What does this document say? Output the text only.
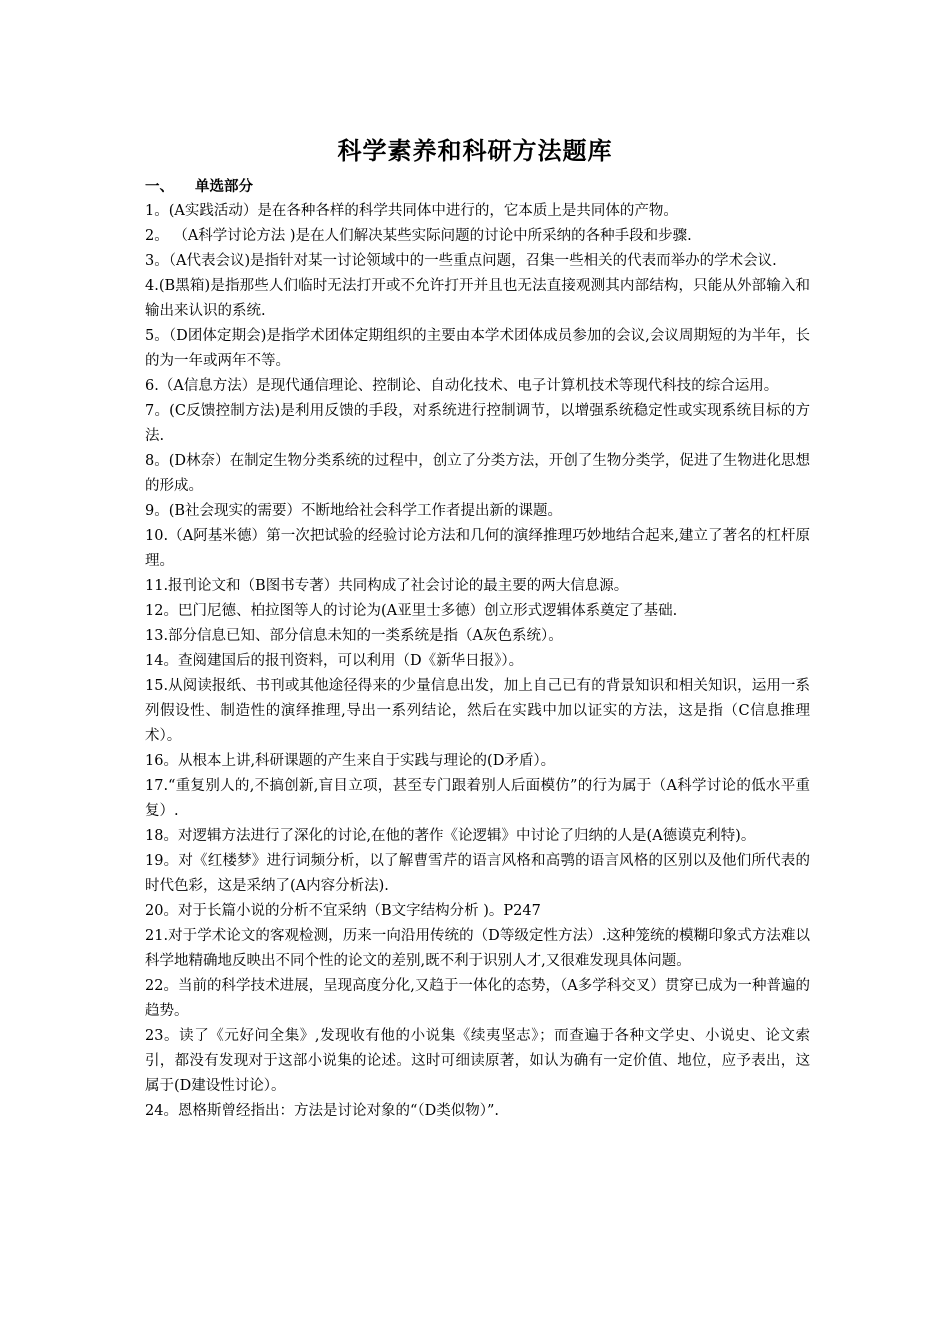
科学素养和科研方法题库
一、 单选部分

1。(A实践活动）是在各种各样的科学共同体中进行的，它本质上是共同体的产物。

2。 （A科学讨论方法 )是在人们解决某些实际问题的讨论中所采纳的各种手段和步骤.

3。（A代表会议)是指针对某一讨论领域中的一些重点问题，召集一些相关的代表而举办的学术会议.

4.(B黑箱)是指那些人们临时无法打开或不允许打开并且也无法直接观测其内部结构，只能从外部输入和输出来认识的系统.

5。（D团体定期会)是指学术团体定期组织的主要由本学术团体成员参加的会议,会议周期短的为半年，长的为一年或两年不等。

6.（A信息方法）是现代通信理论、控制论、自动化技术、电子计算机技术等现代科技的综合运用。

7。(C反馈控制方法)是利用反馈的手段，对系统进行控制调节，以增强系统稳定性或实现系统目标的方法.

8。(D林奈）在制定生物分类系统的过程中，创立了分类方法，开创了生物分类学，促进了生物进化思想的形成。

9。(B社会现实的需要）不断地给社会科学工作者提出新的课题。

10.（A阿基米德）第一次把试验的经验讨论方法和几何的演绎推理巧妙地结合起来,建立了著名的杠杆原理。

11.报刊论文和（B图书专著）共同构成了社会讨论的最主要的两大信息源。

12。巴门尼德、柏拉图等人的讨论为(A亚里士多德）创立形式逻辑体系奠定了基础.

13.部分信息已知、部分信息未知的一类系统是指（A灰色系统）。

14。查阅建国后的报刊资料，可以利用（D《新华日报》）。

15.从阅读报纸、书刊或其他途径得来的少量信息出发，加上自己已有的背景知识和相关知识，运用一系列假设性、制造性的演绎推理,导出一系列结论，然后在实践中加以证实的方法，这是指（C信息推理术）。

16。从根本上讲,科研课题的产生来自于实践与理论的(D矛盾）。

17.“重复别人的,不搞创新,盲目立项，甚至专门跟着别人后面模仿”的行为属于（A科学讨论的低水平重复）.

18。对逻辑方法进行了深化的讨论,在他的著作《论逻辑》中讨论了归纳的人是(A德谟克利特)。

19。对《红楼梦》进行词频分析，以了解曹雪芹的语言风格和高鹗的语言风格的区别以及他们所代表的时代色彩，这是采纳了(A内容分析法).

20。对于长篇小说的分析不宜采纳（B文字结构分析 )。P247

21.对于学术论文的客观检测，历来一向沿用传统的（D等级定性方法）.这种笼统的模糊印象式方法难以科学地精确地反映出不同个性的论文的差别,既不利于识别人才,又很难发现具体问题。

22。当前的科学技术进展，呈现高度分化,又趋于一体化的态势，（A多学科交叉）贯穿已成为一种普遍的趋势。

23。读了《元好问全集》,发现收有他的小说集《续夷坚志》；而查遍于各种文学史、小说史、论文索引，都没有发现对于这部小说集的论述。这时可细读原著，如认为确有一定价值、地位，应予表出，这属于(D建设性讨论）。

24。恩格斯曾经指出：方法是讨论对象的“（D类似物）”.
